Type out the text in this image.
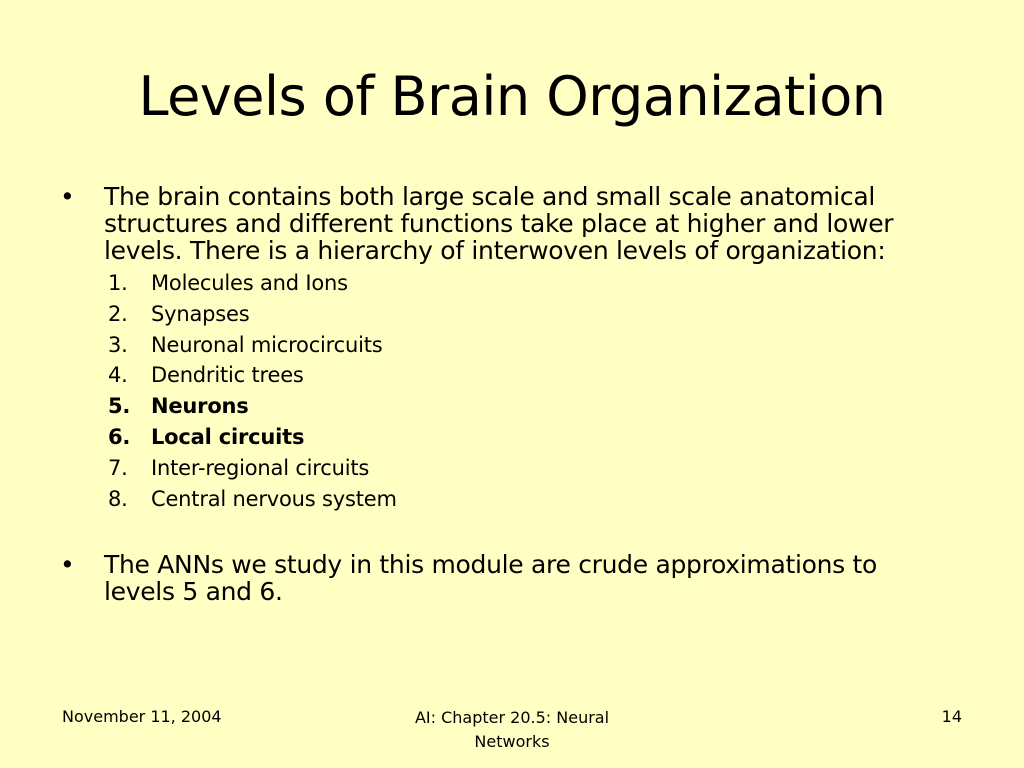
Levels of Brain Organization
• The brain contains both large scale and small scale anatomical structures and different functions take place at higher and lower levels. There is a hierarchy of interwoven levels of organization:
1. Molecules and Ions
2. Synapses
3. Neuronal microcircuits
4. Dendritic trees
5. Neurons
6. Local circuits
7. Inter-regional circuits
8. Central nervous system
• The ANNs we study in this module are crude approximations to levels 5 and 6.
November 11, 2004	AI: Chapter 20.5: Neural Networks
14
